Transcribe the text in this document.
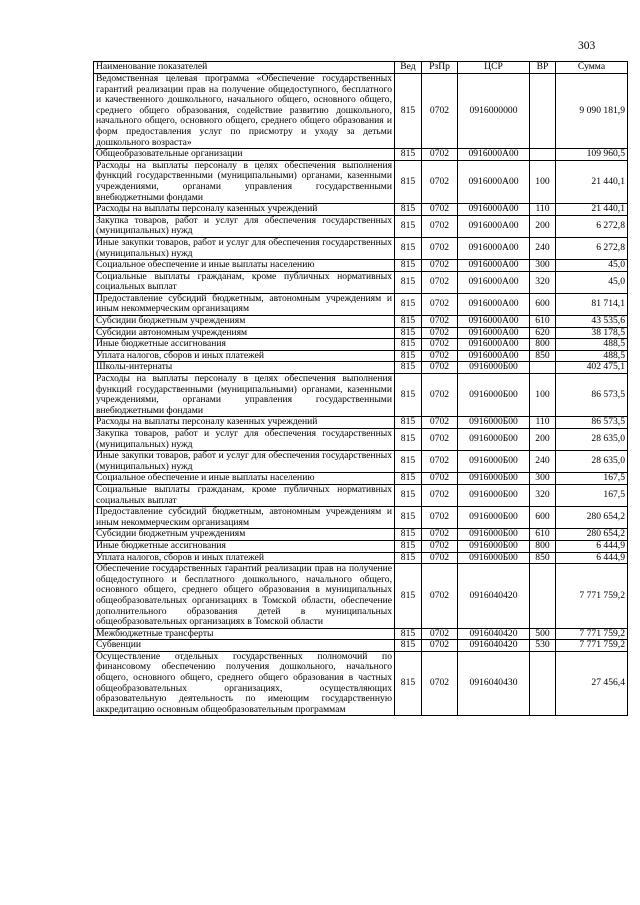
303
Наименование показателей	Вед	РзПр	ЦСР	ВР	Сумма
Ведомственная целевая программа «Обеспечение государственных гарантий реализации прав на получение общедоступного, бесплатного и качественного дошкольного, начального общего, основного общего, среднего общего образования, содействие развитию дошкольного, начального общего, основного общего, среднего общего образования и форм предоставления услуг по присмотру и уходу за детьми дошкольного возраста»	815	0702	0916000000		9 090 181,9
Общеобразовательные организации	815	0702	0916000А00		109 960,5
Расходы на выплаты персоналу в целях обеспечения выполнения функций государственными (муниципальными) органами, казенными учреждениями, органами управления государственными внебюджетными фондами	815	0702	0916000А00	100	21 440,1
Расходы на выплаты персоналу казенных учреждений	815	0702	0916000А00	110	21 440,1
Закупка товаров, работ и услуг для обеспечения государственных (муниципальных) нужд	815	0702	0916000А00	200	6 272,8
Иные закупки товаров, работ и услуг для обеспечения государственных (муниципальных) нужд	815	0702	0916000А00	240	6 272,8
Социальное обеспечение и иные выплаты населению	815	0702	0916000А00	300	45,0
Социальные выплаты гражданам, кроме публичных нормативных социальных выплат	815	0702	0916000А00	320	45,0
Предоставление субсидий бюджетным, автономным учреждениям и иным некоммерческим организациям	815	0702	0916000А00	600	81 714,1
Субсидии бюджетным учреждениям	815	0702	0916000А00	610	43 535,6
Субсидии автономным учреждениям	815	0702	0916000А00	620	38 178,5
Иные бюджетные ассигнования	815	0702	0916000А00	800	488,5
Уплата налогов, сборов и иных платежей	815	0702	0916000А00	850	488,5
Школы-интернаты	815	0702	0916000Б00		402 475,1
Расходы на выплаты персоналу в целях обеспечения выполнения функций государственными (муниципальными) органами, казенными учреждениями, органами управления государственными внебюджетными фондами	815	0702	0916000Б00	100	86 573,5
Расходы на выплаты персоналу казенных учреждений	815	0702	0916000Б00	110	86 573,5
Закупка товаров, работ и услуг для обеспечения государственных (муниципальных) нужд	815	0702	0916000Б00	200	28 635,0
Иные закупки товаров, работ и услуг для обеспечения государственных (муниципальных) нужд	815	0702	0916000Б00	240	28 635,0
Социальное обеспечение и иные выплаты населению	815	0702	0916000Б00	300	167,5
Социальные выплаты гражданам, кроме публичных нормативных социальных выплат	815	0702	0916000Б00	320	167,5
Предоставление субсидий бюджетным, автономным учреждениям и иным некоммерческим организациям	815	0702	0916000Б00	600	280 654,2
Субсидии бюджетным учреждениям	815	0702	0916000Б00	610	280 654,2
Иные бюджетные ассигнования	815	0702	0916000Б00	800	6 444,9
Уплата налогов, сборов и иных платежей	815	0702	0916000Б00	850	6 444,9
Обеспечение государственных гарантий реализации прав на получение общедоступного и бесплатного дошкольного, начального общего, основного общего, среднего общего образования в муниципальных общеобразовательных организациях в Томской области, обеспечение дополнительного образования детей в муниципальных общеобразовательных организациях в Томской области	815	0702	0916040420		7 771 759,2
Межбюджетные трансферты	815	0702	0916040420	500	7 771 759,2
Субвенции	815	0702	0916040420	530	7 771 759,2
Осуществление отдельных государственных полномочий по финансовому обеспечению получения дошкольного, начального общего, основного общего, среднего общего образования в частных общеобразовательных организациях, осуществляющих образовательную деятельность по имеющим государственную аккредитацию основным общеобразовательным программам	815	0702	0916040430		27 456,4
